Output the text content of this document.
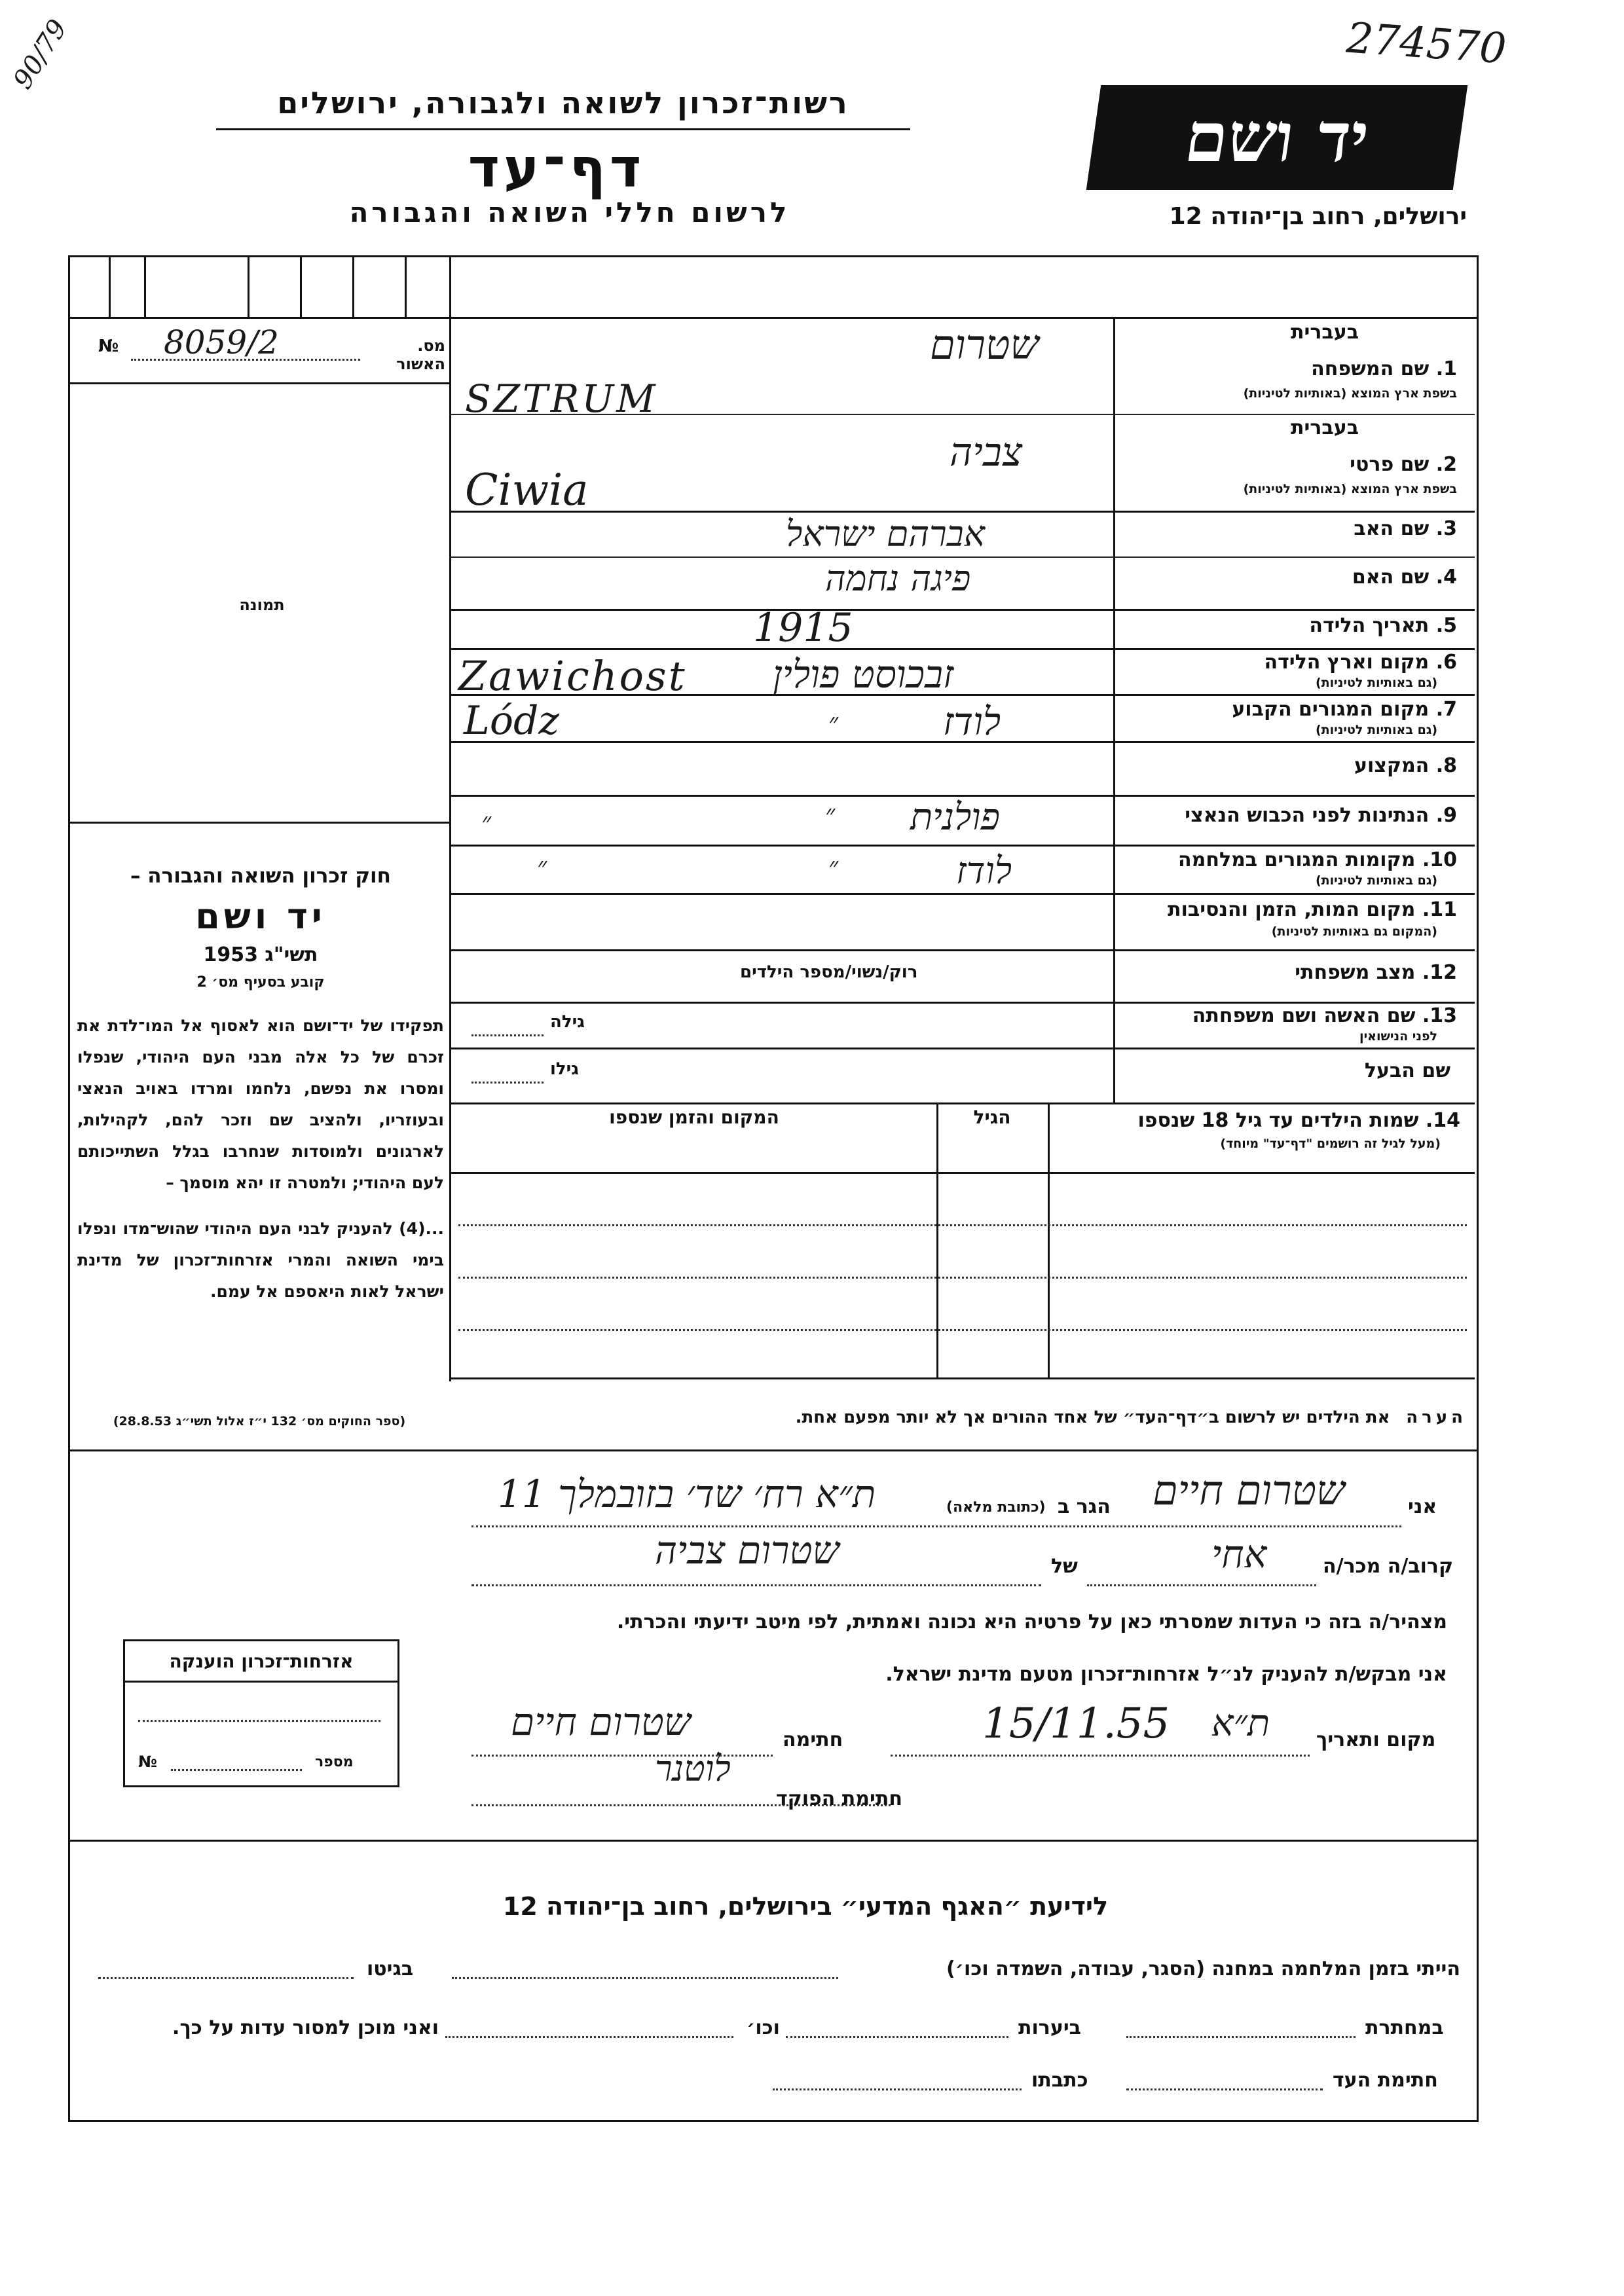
274570
90/79
רשות־זכרון לשואה ולגבורה, ירושלים
דף־עד
לרשום חללי השואה והגבורה
יד ושם
ירושלים, רחוב בן־יהודה 12
№ 8059/2	מס. האשור
תמונה
חוק זכרון השואה והגבורה –
יד ושם
תשי"ג 1953
קובע בסעיף מס׳ 2
תפקידו של יד־ושם הוא לאסוף אל המו־לדת את זכרם של כל אלה מבני העם היהודי, שנפלו ומסרו את נפשם, נלחמו ומרדו באויב הנאצי ובעוזריו, ולהציב שם וזכר להם, לקהילות, לארגונים ולמוסדות שנחרבו בגלל השתייכותם לעם היהודי; ולמטרה זו יהא מוסמך –
...(4) להעניק לבני העם היהודי שהוש־מדו ונפלו בימי השואה והמרי אזרחות־זכרון של מדינת ישראל לאות היאספם אל עמם.
(ספר החוקים מס׳ 132 י״ז אלול תשי״ג 28.8.53)
בעברית
1. שם המשפחה
בשפת ארץ המוצא (באותיות לטיניות)
שטרום
SZTRUM
בעברית
2. שם פרטי
בשפת ארץ המוצא (באותיות לטיניות)
צביה
Ciwia
3. שם האב
אברהם ישראל
4. שם האם
פיגה נחמה
5. תאריך הלידה
1915
6. מקום וארץ הלידה
(גם באותיות לטיניות)
זבכוסט פולין
Zawichost
7. מקום המגורים הקבוע
(גם באותיות לטיניות)
לודז
״
Lódz
8. המקצוע
9. הנתינות לפני הכבוש הנאצי
פולנית
״
״
10. מקומות המגורים במלחמה
(גם באותיות לטיניות)
לודז
״
״
11. מקום המות, הזמן והנסיבות
(המקום גם באותיות לטיניות)
12. מצב משפחתי
רוק/נשוי/מספר הילדים
13. שם האשה ושם משפחתה
לפני הנישואין
גילה
שם הבעל
גילו
14. שמות הילדים עד גיל 18 שנספו
(מעל לגיל זה רושמים "דף־עד" מיוחד)
הגיל
המקום והזמן שנספו
הערה   את הילדים יש לרשום ב״דף־העד״ של אחד ההורים אך לא יותר מפעם אחת.
אני
שטרום חיים
הגר ב
(כתובת מלאה)
ת״א רח׳ שד׳ בזובמלך 11
קרוב/ה מכר/ה
אחי
של
שטרום צביה
מצהיר/ה בזה כי העדות שמסרתי כאן על פרטיה היא נכונה ואמתית, לפי מיטב ידיעתי והכרתי.
אני מבקש/ת להעניק לנ״ל אזרחות־זכרון מטעם מדינת ישראל.
מקום ותאריך
ת״א
15/11.55
חתימה
שטרום חיים
לוטנר
חתימת הפוקד
אזרחות־זכרון הוענקה
№	מספר
לידיעת ״האגף המדעי״ בירושלים, רחוב בן־יהודה 12
הייתי בזמן המלחמה במחנה (הסגר, עבודה, השמדה וכו׳)
בגיטו
במחתרת
ביערות
וכו׳
ואני מוכן למסור עדות על כך.
חתימת העד
כתבתו
